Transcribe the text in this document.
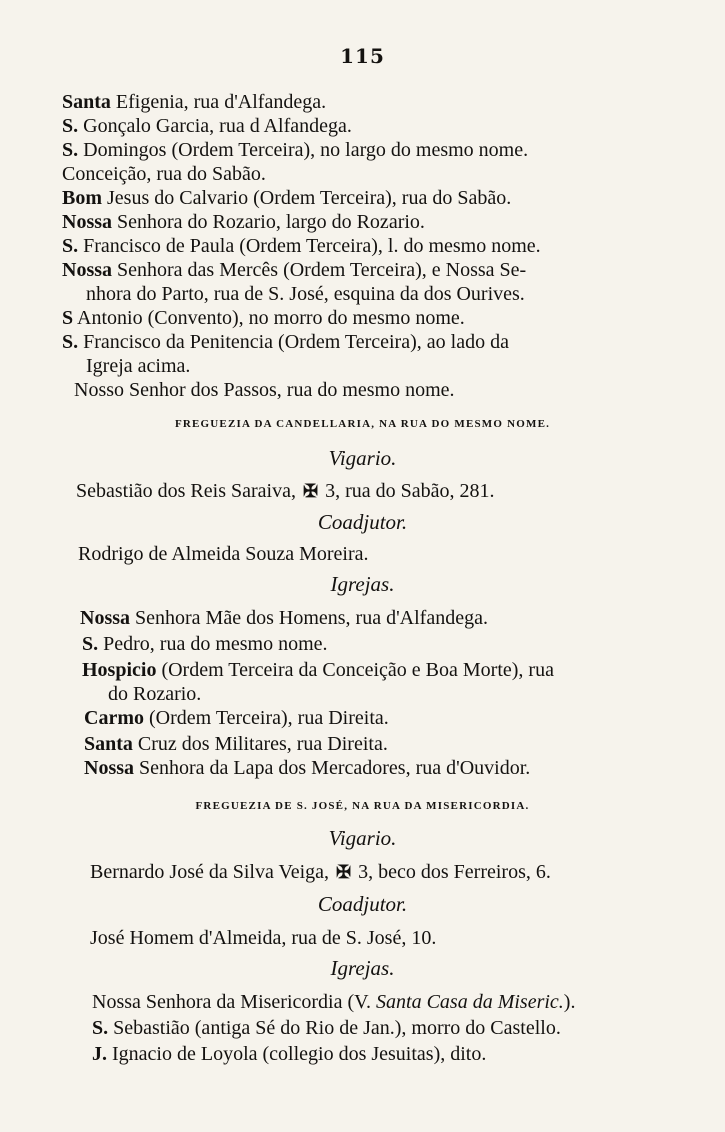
115
Santa Efigenia, rua d'Alfandega.
S. Gonçalo Garcia, rua d Alfandega.
S. Domingos (Ordem Terceira), no largo do mesmo nome.
Conceição, rua do Sabão.
Bom Jesus do Calvario (Ordem Terceira), rua do Sabão.
Nossa Senhora do Rozario, largo do Rozario.
S. Francisco de Paula (Ordem Terceira), l. do mesmo nome.
Nossa Senhora das Mercês (Ordem Terceira), e Nossa Se-
nhora do Parto, rua de S. José, esquina da dos Ourives.
S Antonio (Convento), no morro do mesmo nome.
S. Francisco da Penitencia (Ordem Terceira), ao lado da
Igreja acima.
Nosso Senhor dos Passos, rua do mesmo nome.
FREGUEZIA DA CANDELLARIA, NA RUA DO MESMO NOME.
Vigario.
Sebastião dos Reis Saraiva, ✠ 3, rua do Sabão, 281.
Coadjutor.
Rodrigo de Almeida Souza Moreira.
Igrejas.
Nossa Senhora Mãe dos Homens, rua d'Alfandega.
S. Pedro, rua do mesmo nome.
Hospicio (Ordem Terceira da Conceição e Boa Morte), rua
do Rozario.
Carmo (Ordem Terceira), rua Direita.
Santa Cruz dos Militares, rua Direita.
Nossa Senhora da Lapa dos Mercadores, rua d'Ouvidor.
FREGUEZIA DE S. JOSÉ, NA RUA DA MISERICORDIA.
Vigario.
Bernardo José da Silva Veiga, ✠ 3, beco dos Ferreiros, 6.
Coadjutor.
José Homem d'Almeida, rua de S. José, 10.
Igrejas.
Nossa Senhora da Misericordia (V. Santa Casa da Miseric.).
S. Sebastião (antiga Sé do Rio de Jan.), morro do Castello.
J. Ignacio de Loyola (collegio dos Jesuitas), dito.
